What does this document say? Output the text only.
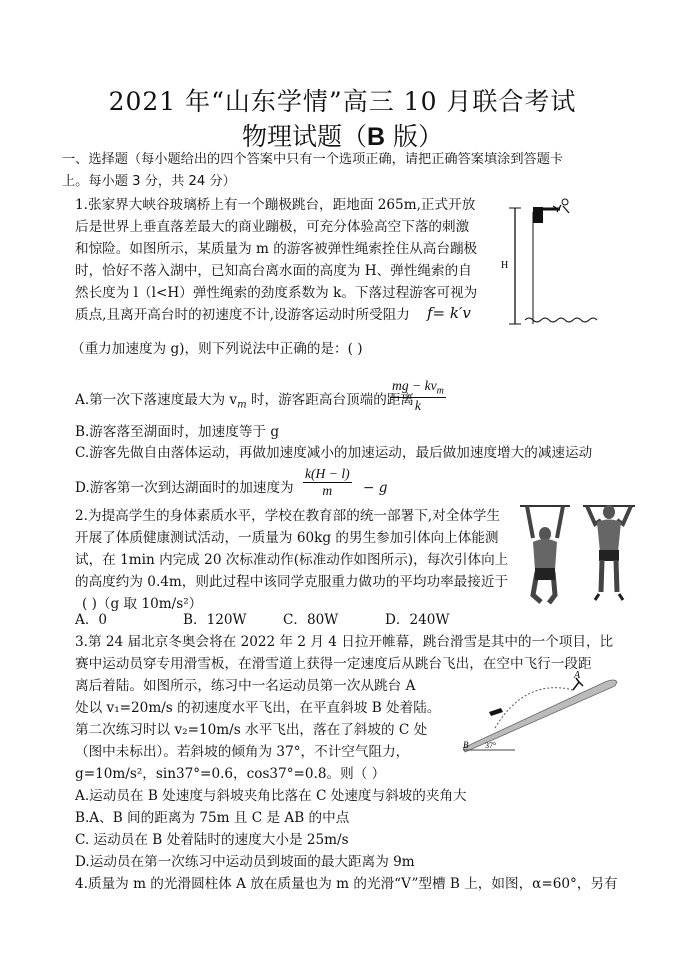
2021 年“山东学情”高三 10 月联合考试
物理试题（B 版）
一、选择题（每小题给出的四个答案中只有一个选项正确，请把正确答案填涂到答题卡
上。每小题 3 分，共 24 分）
1.张家界大峡谷玻璃桥上有一个蹦极跳台，距地面 265m,正式开放
后是世界上垂直落差最大的商业蹦极，可充分体验高空下落的刺激
和惊险。如图所示，某质量为 m 的游客被弹性绳索拴住从高台蹦极
时，恰好不落入湖中，已知高台离水面的高度为 H、弹性绳索的自
然长度为 l（l<H）弹性绳索的劲度系数为 k。下落过程游客可视为
质点,且离开高台时的初速度不计,设游客运动时所受阻力 f= k′v
（重力加速度为 g)，则下列说法中正确的是：( )
H
A.第一次下落速度最大为 $v_m$ 时，游客距高台顶端的距离
mg − $kv_m$
k
B.游客落至湖面时，加速度等于 g
C.游客先做自由落体运动，再做加速度减小的加速运动，最后做加速度增大的减速运动
D.游客第一次到达湖面时的加速度为 $\frac{k(H - l)}{m} - g$
2.为提高学生的身体素质水平，学校在教育部的统一部署下,对全体学生
开展了体质健康测试活动，一质量为 60kg 的男生参加引体向上体能测
试，在 1min 内完成 20 次标准动作(标准动作如图所示)，每次引体向上
的高度约为 0.4m，则此过程中该同学克服重力做功的平均功率最接近于
( )（g 取 10m/s²）
A．0	B．120W	C．80W	D．240W
3.第 24 届北京冬奥会将在 2022 年 2 月 4 日拉开帷幕，跳台滑雪是其中的一个项目，比
赛中运动员穿专用滑雪板，在滑雪道上获得一定速度后从跳台飞出，在空中飞行一段距
离后着陆。如图所示，练习中一名运动员第一次从跳台 A
处以 v₁=20m/s 的初速度水平飞出，在平直斜坡 B 处着陆。
第二次练习时以 v₂=10m/s 水平飞出，落在了斜坡的 C 处
（图中未标出）。若斜坡的倾角为 37°，不计空气阻力，
g=10m/s²，sin37°=0.6，cos37°=0.8。则（ ）
A.运动员在 B 处速度与斜坡夹角比落在 C 处速度与斜坡的夹角大
B.A、B 间的距离为 75m 且 C 是 AB 的中点
C. 运动员在 B 处着陆时的速度大小是 25m/s
D.运动员在第一次练习中运动员到坡面的最大距离为 9m
A
B 37°
4.质量为 m 的光滑圆柱体 A 放在质量也为 m 的光滑“V”型槽 B 上，如图，α=60°，另有
